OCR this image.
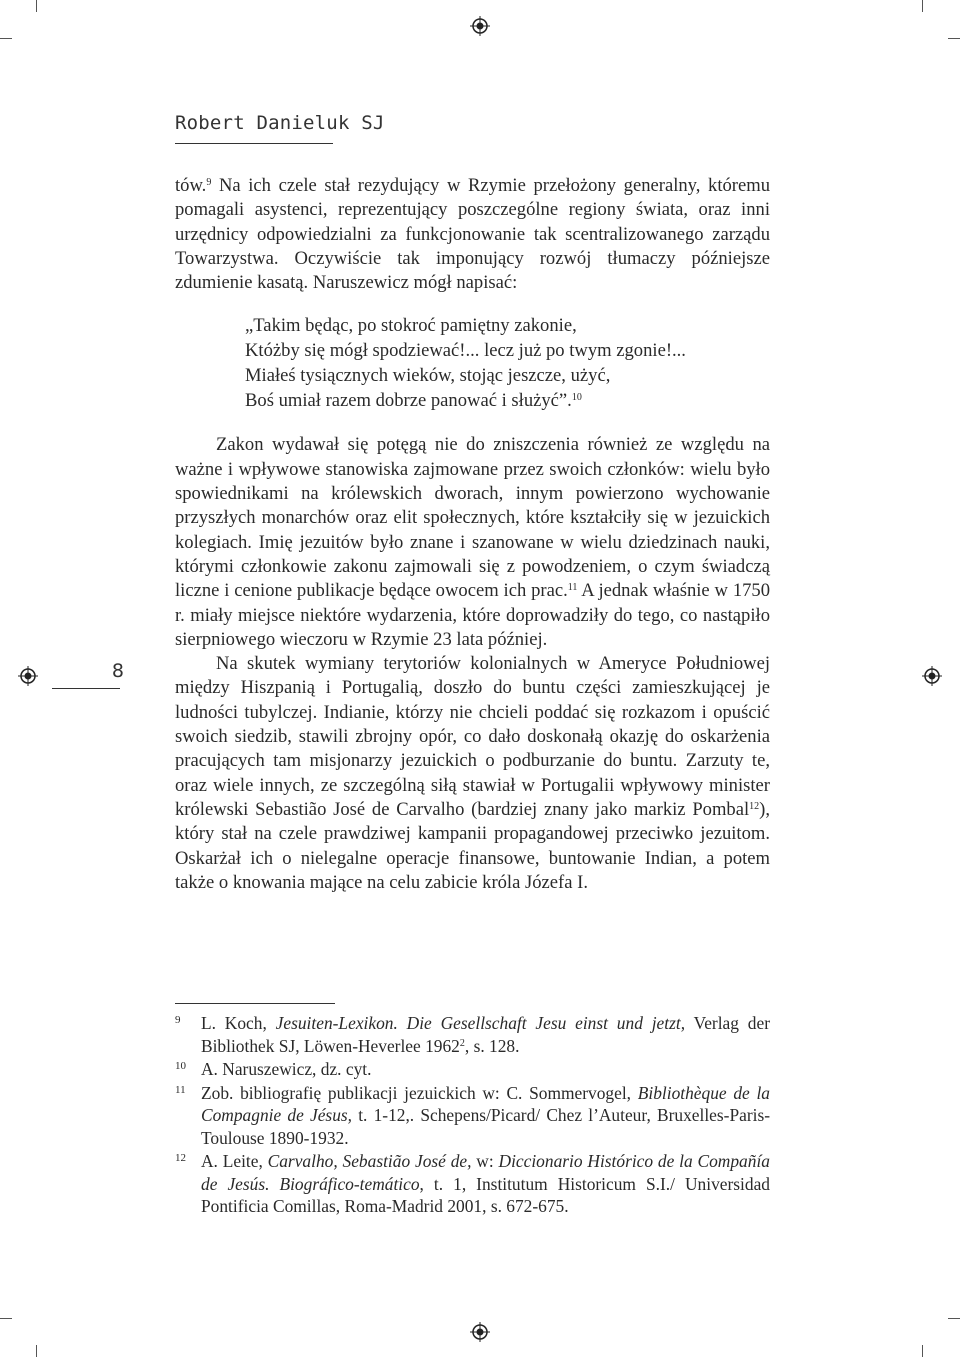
Robert Danieluk SJ
8

tów.$^9$ Na ich czele stał rezydujący w Rzymie przełożony generalny, któremu pomagali asystenci, reprezentujący poszczególne regiony świata, oraz inni urzędnicy odpowiedzialni za funkcjonowanie tak scentralizowanego zarządu Towarzystwa. Oczywiście tak imponujący rozwój tłumaczy późniejsze zdumienie kasatą. Naruszewicz mógł napisać:

„Takim będąc, po stokroć pamiętny zakonie,
Któżby się mógł spodziewać!... lecz już po twym zgonie!...
Miałeś tysiącznych wieków, stojąc jeszcze, użyć,
Boś umiał razem dobrze panować i służyć”.$^{10}$

Zakon wydawał się potęgą nie do zniszczenia również ze względu na ważne i wpływowe stanowiska zajmowane przez swoich członków: wielu było spowiednikami na królewskich dworach, innym powierzono wychowanie przyszłych monarchów oraz elit społecznych, które kształciły się w jezuickich kolegiach. Imię jezuitów było znane i szanowane w wielu dziedzinach nauki, którymi członkowie zakonu zajmowali się z powodzeniem, o czym świadczą liczne i cenione publikacje będące owocem ich prac.$^{11}$ A jednak właśnie w 1750 r. miały miejsce niektóre wydarzenia, które doprowadziły do tego, co nastąpiło sierpniowego wieczoru w Rzymie 23 lata później.

Na skutek wymiany terytoriów kolonialnych w Ameryce Południowej między Hiszpanią i Portugalią, doszło do buntu części zamieszkującej je ludności tubylczej. Indianie, którzy nie chcieli poddać się rozkazom i opuścić swoich siedzib, stawili zbrojny opór, co dało doskonałą okazję do oskarżenia pracujących tam misjonarzy jezuickich o podburzanie do buntu. Zarzuty te, oraz wiele innych, ze szczególną siłą stawiał w Portugalii wpływowy minister królewski Sebastião José de Carvalho (bardziej znany jako markiz Pombal$^{12}$), który stał na czele prawdziwej kampanii propagandowej przeciwko jezuitom. Oskarżał ich o nielegalne operacje finansowe, buntowanie Indian, a potem także o knowania mające na celu zabicie króla Józefa I.

9 L. Koch, Jesuiten-Lexikon. Die Gesellschaft Jesu einst und jetzt, Verlag der Bibliothek SJ, Löwen-Heverlee 1962$^2$, s. 128.
10 A. Naruszewicz, dz. cyt.
11 Zob. bibliografię publikacji jezuickich w: C. Sommervogel, Bibliothèque de la Compagnie de Jésus, t. 1-12,. Schepens/Picard/ Chez l’Auteur, Bruxelles-Paris-Toulouse 1890-1932.
12 A. Leite, Carvalho, Sebastião José de, w: Diccionario Histórico de la Compañía de Jesús. Biográfico-temático, t. 1, Institutum Historicum S.I./ Universidad Pontificia Comillas, Roma-Madrid 2001, s. 672-675.
